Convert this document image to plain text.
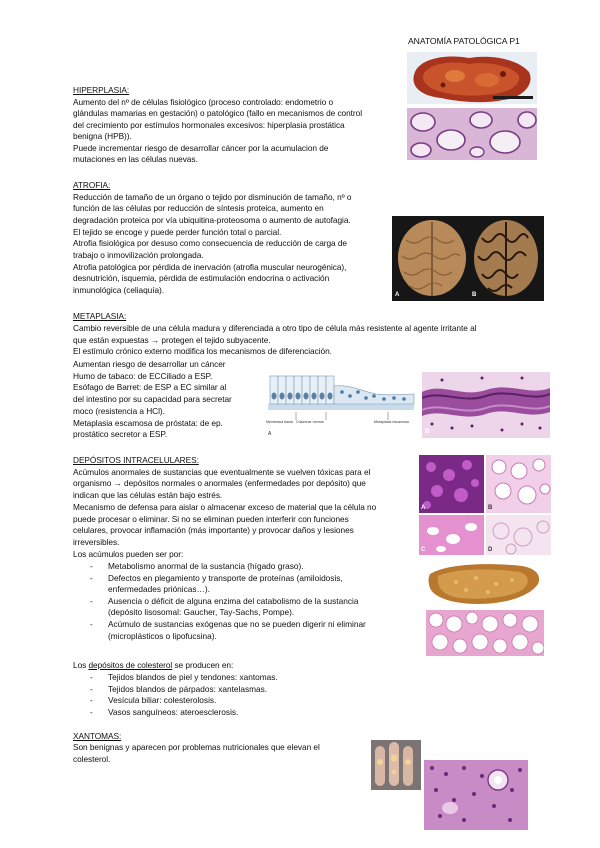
ANATOMÍA PATOLÓGICA P1
HIPERPLASIA:
Aumento del nº de células fisiológico (proceso controlado: endometrio o
glándulas mamarias en gestación) o patológico (fallo en mecanismos de control
del crecimiento por estímulos hormonales excesivos: hiperplasia prostática
benigna (HPB)).
Puede incrementar riesgo de desarrollar cáncer por la acumulacion de
mutaciones en las células nuevas.
ATROFIA:
Reducción de tamaño de un órgano o tejido por disminución de tamaño, nº o
función de las células por reducción de síntesis proteica, aumento en
degradación proteica por vía ubiquitina-proteosoma o aumento de autofagia.
El tejido se encoge y puede perder función total o parcial.
Atrofia fisiológica por desuso como consecuencia de reducción de carga de
trabajo o inmovilización prolongada.
Atrofia patológica por pérdida de inervación (atrofia muscular neurogénica),
desnutrición, isquemia, pérdida de estimulación endocrina o activación
inmunológica (celiaquía).	A	B
METAPLASIA:
Cambio reversible de una célula madura y diferenciada a otro tipo de célula más resistente al agente irritante al
que están expuestas → protegen el tejido subyacente.
El estímulo crónico externo modifica los mecanismos de diferenciación.
Aumentan riesgo de desarrollar un cáncer
Humo de tabaco: de ECCiliado a ESP.
Esófago de Barret: de ESP a EC similar al
del intestino por su capacidad para secretar
moco (resistencia a HCl).
Metaplasia escamosa de próstata: de ep.
prostático secretor a ESP.
Membrana basal Columnar normal	Metaplasia escamosa
A	B
DEPÓSITOS INTRACELULARES:
Acúmulos anormales de sustancias que eventualmente se vuelven tóxicas para el
organismo → depósitos normales o anormales (enfermedades por depósito) que
indican que las células están bajo estrés.
Mecanismo de defensa para aislar o almacenar exceso de material que la célula no
puede procesar o eliminar. Si no se eliminan pueden interferir con funciones
celulares, provocar inflamación (más importante) y provocar daños y lesiones
irreversibles.
Los acúmulos pueden ser por:
- Metabolismo anormal de la sustancia (hígado graso).
- Defectos en plegamiento y transporte de proteínas (amiloidosis,
enfermedades priónicas…).
- Ausencia o déficit de alguna enzima del catabolismo de la sustancia
(depósito lisosomal: Gaucher, Tay-Sachs, Pompe).
- Acúmulo de sustancias exógenas que no se pueden digerir ni eliminar
(microplásticos o lipofucsina).
A	B
C	D
Los depósitos de colesterol se producen en:
- Tejidos blandos de piel y tendones: xantomas.
- Tejidos blandos de párpados: xantelasmas.
- Vesícula biliar: colesterolosis.
- Vasos sanguíneos: ateroesclerosis.
XANTOMAS:
Son benignas y aparecen por problemas nutricionales que elevan el
colesterol.
